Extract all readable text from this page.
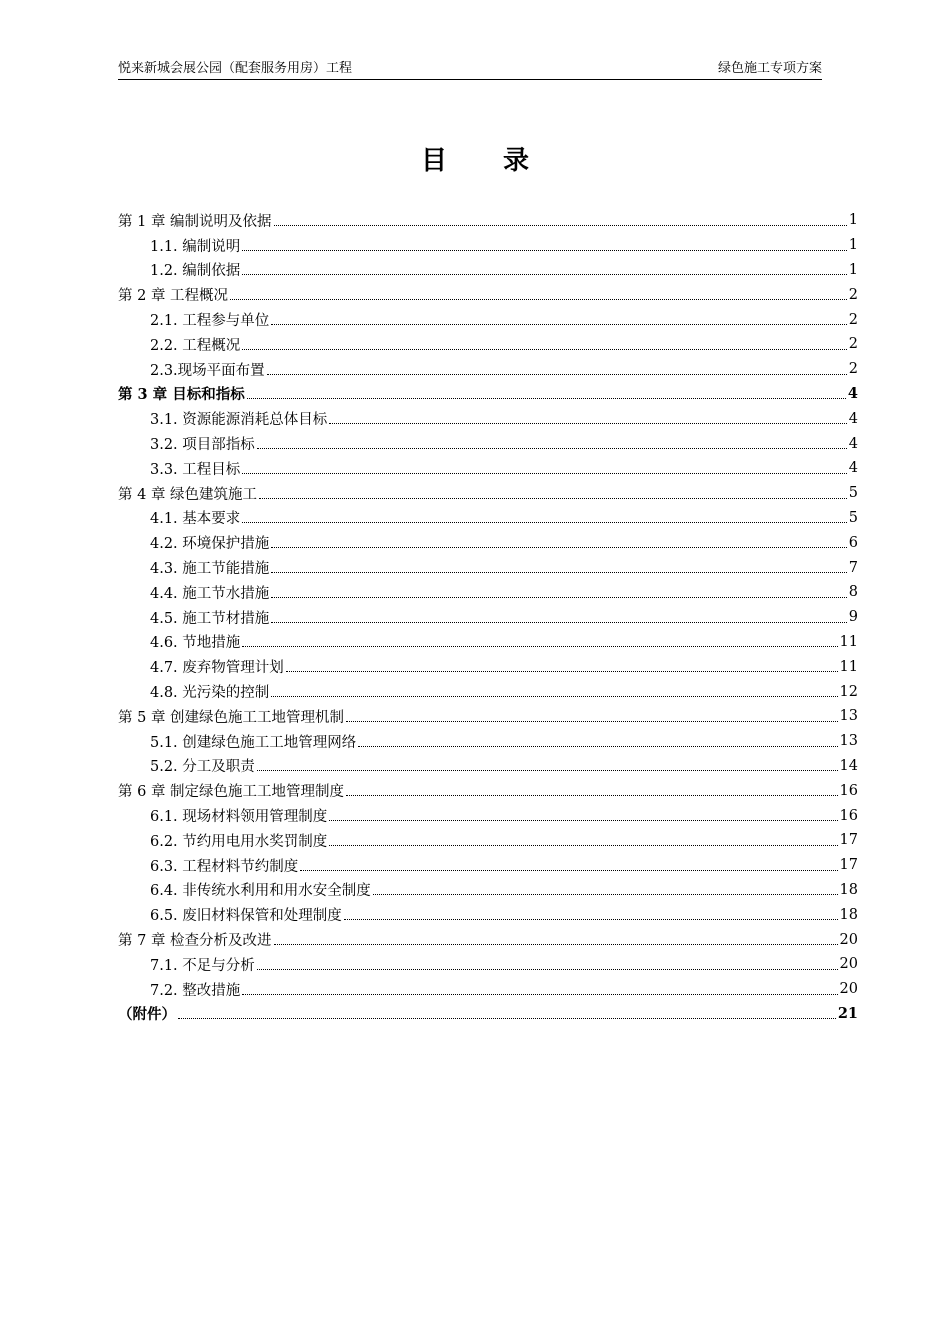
悦来新城会展公园（配套服务用房）工程	绿色施工专项方案
目录
第 1 章 编制说明及依据	1
1.1. 编制说明	1
1.2. 编制依据	1
第 2 章 工程概况	2
2.1. 工程参与单位	2
2.2. 工程概况	2
2.3.现场平面布置	2
第 3 章 目标和指标	4
3.1. 资源能源消耗总体目标	4
3.2. 项目部指标	4
3.3. 工程目标	4
第 4 章 绿色建筑施工	5
4.1. 基本要求	5
4.2. 环境保护措施	6
4.3. 施工节能措施	7
4.4. 施工节水措施	8
4.5. 施工节材措施	9
4.6. 节地措施	11
4.7. 废弃物管理计划	11
4.8. 光污染的控制	12
第 5 章 创建绿色施工工地管理机制	13
5.1. 创建绿色施工工地管理网络	13
5.2. 分工及职责	14
第 6 章 制定绿色施工工地管理制度	16
6.1. 现场材料领用管理制度	16
6.2. 节约用电用水奖罚制度	17
6.3. 工程材料节约制度	17
6.4. 非传统水利用和用水安全制度	18
6.5. 废旧材料保管和处理制度	18
第 7 章 检查分析及改进	20
7.1. 不足与分析	20
7.2. 整改措施	20
（附件）	21
